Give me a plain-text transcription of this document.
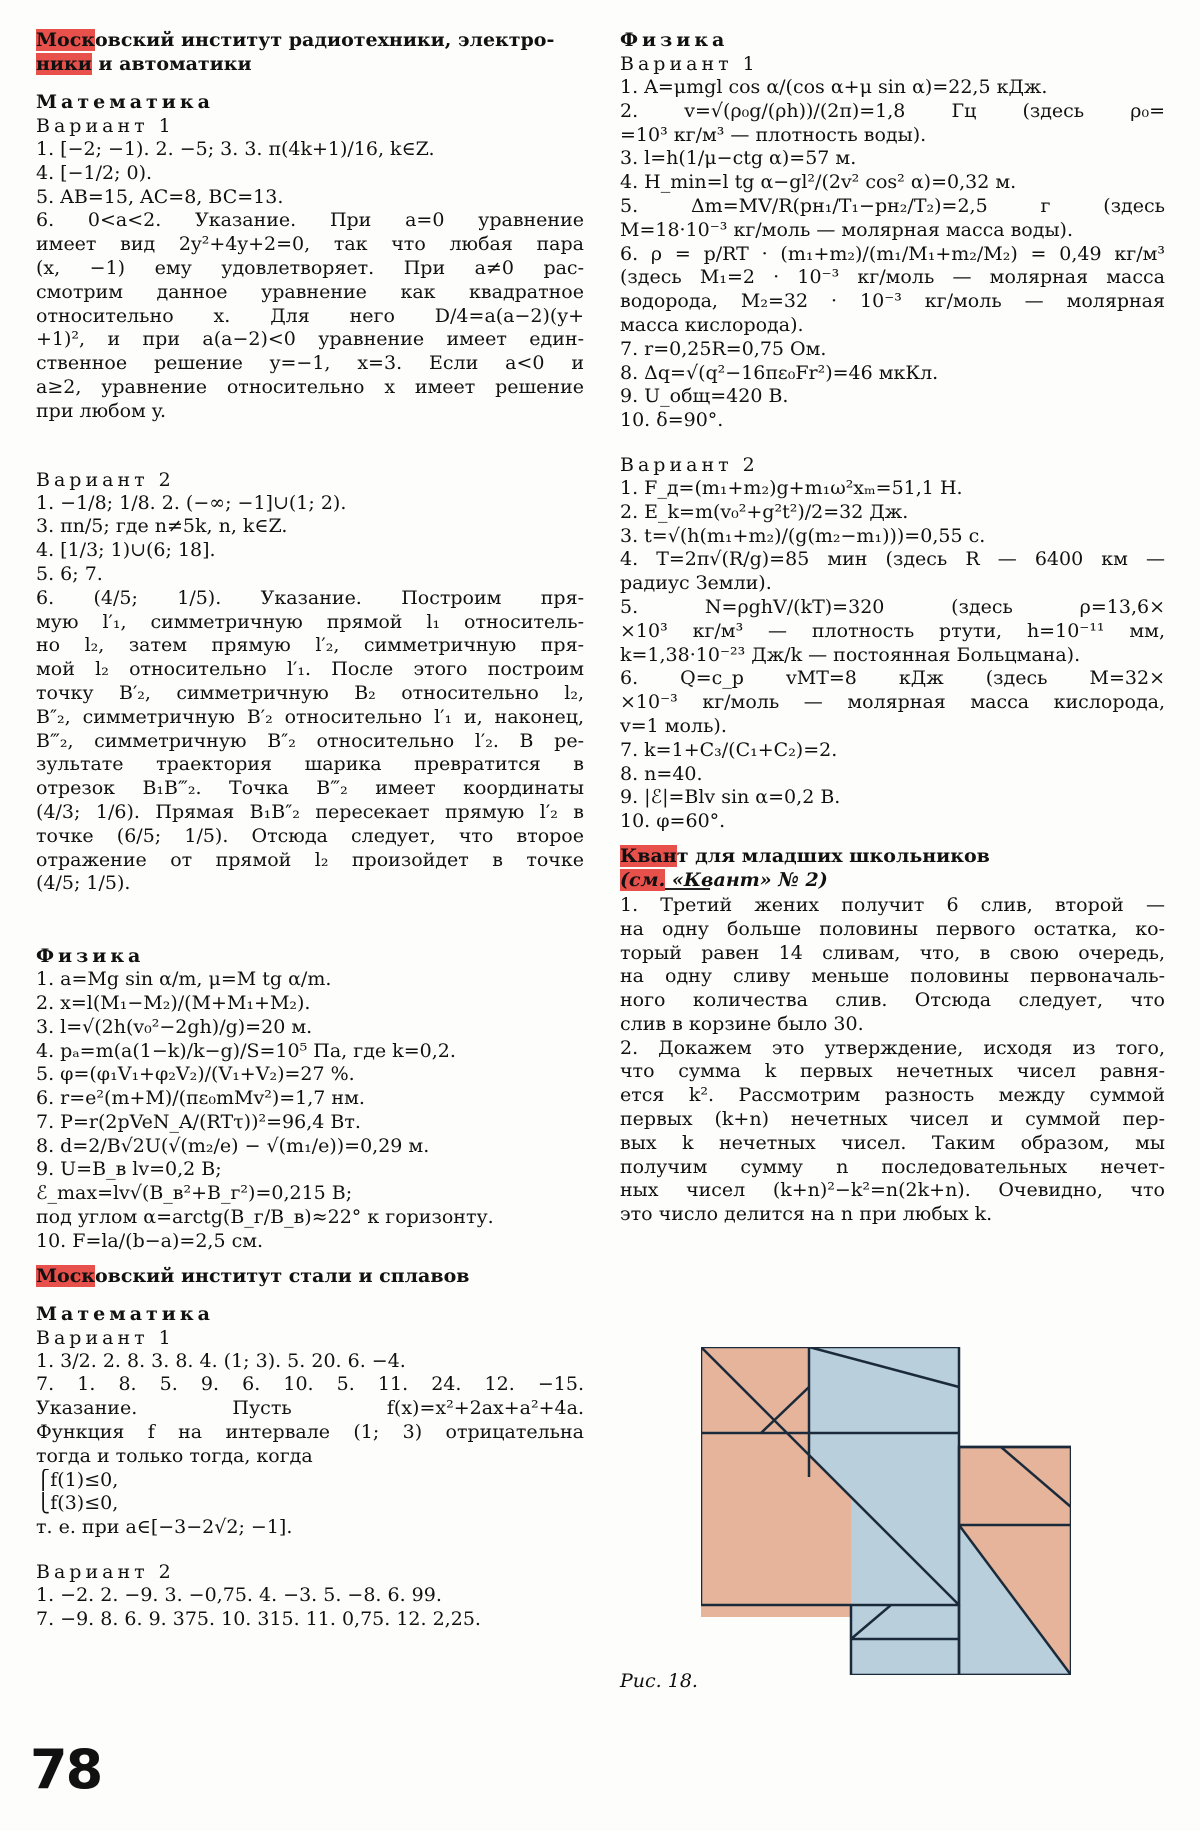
Московский институт радиотехники, электро-
ники и автоматики
Математика
Вариант 1
1. [−2; −1). 2. −5; 3. 3. π(4k+1)/16, k∈Z.
4. [−1/2; 0).
5. AB=15, AC=8, BC=13.
6. 0<a<2. Указание. При a=0 уравнение
имеет вид 2y²+4y+2=0, так что любая пара
(x, −1) ему удовлетворяет. При a≠0 рас-
смотрим данное уравнение как квадратное
относительно x. Для него D/4=a(a−2)(y+
+1)², и при a(a−2)<0 уравнение имеет един-
ственное решение y=−1, x=3. Если a<0 и
a≥2, уравнение относительно x имеет решение
при любом y.
Вариант 2
1. −1/8; 1/8. 2. (−∞; −1]∪(1; 2).
3. πn/5; где n≠5k, n, k∈Z.
4. [1/3; 1)∪(6; 18].
5. 6; 7.
6. (4/5; 1/5). Указание. Построим пря-
мую l′₁, симметричную прямой l₁ относитель-
но l₂, затем прямую l′₂, симметричную пря-
мой l₂ относительно l′₁. После этого построим
точку B′₂, симметричную B₂ относительно l₂,
B″₂, симметричную B′₂ относительно l′₁ и, наконец,
B‴₂, симметричную B″₂ относительно l′₂. В ре-
зультате траектория шарика превратится в
отрезок B₁B‴₂. Точка B‴₂ имеет координаты
(4/3; 1/6). Прямая B₁B″₂ пересекает прямую l′₂ в
точке (6/5; 1/5). Отсюда следует, что второе
отражение от прямой l₂ произойдет в точке
(4/5; 1/5).
Физика
1. a=Mg sin α/m, μ=M tg α/m.
2. x=l(M₁−M₂)/(M+M₁+M₂).
3. l=√(2h(v₀²−2gh)/g)=20 м.
4. pₐ=m(a(1−k)/k−g)/S=10⁵ Па, где k=0,2.
5. φ=(φ₁V₁+φ₂V₂)/(V₁+V₂)=27 %.
6. r=e²(m+M)/(πε₀mMv²)=1,7 нм.
7. P=r(2pVeN_A/(RTτ))²=96,4 Вт.
8. d=2/B√2U(√(m₂/e) − √(m₁/e))=0,29 м.
9. U=B_в lv=0,2 В;
ℰ_max=lv√(B_в²+B_г²)=0,215 В;
под углом α=arctg(B_г/B_в)≈22° к горизонту.
10. F=la/(b−a)=2,5 см.
Московский институт стали и сплавов
Математика
Вариант 1
1. 3/2. 2. 8. 3. 8. 4. (1; 3). 5. 20. 6. −4.
7. 1. 8. 5. 9. 6. 10. 5. 11. 24. 12. −15.
Указание. Пусть f(x)=x²+2ax+a²+4a.
Функция f на интервале (1; 3) отрицательна
тогда и только тогда, когда
⎧f(1)≤0,
⎩f(3)≤0,
т. е. при a∈[−3−2√2; −1].
Вариант 2
1. −2. 2. −9. 3. −0,75. 4. −3. 5. −8. 6. 99.
7. −9. 8. 6. 9. 375. 10. 315. 11. 0,75. 12. 2,25.
Физика
Вариант 1
1. A=μmgl cos α/(cos α+μ sin α)=22,5 кДж.
2. v=√(ρ₀g/(ρh))/(2π)=1,8 Гц (здесь ρ₀=
=10³ кг/м³ — плотность воды).
3. l=h(1/μ−ctg α)=57 м.
4. H_min=l tg α−gl²/(2v² cos² α)=0,32 м.
5. Δm=MV/R(pн₁/T₁−pн₂/T₂)=2,5 г (здесь
M=18·10⁻³ кг/моль — молярная масса воды).
6. ρ = p/RT · (m₁+m₂)/(m₁/M₁+m₂/M₂) = 0,49 кг/м³
(здесь M₁=2 · 10⁻³ кг/моль — молярная масса
водорода, M₂=32 · 10⁻³ кг/моль — молярная
масса кислорода).
7. r=0,25R=0,75 Ом.
8. Δq=√(q²−16πε₀Fr²)=46 мкКл.
9. U_общ=420 В.
10. δ=90°.
Вариант 2
1. F_д=(m₁+m₂)g+m₁ω²xₘ=51,1 Н.
2. E_k=m(v₀²+g²t²)/2=32 Дж.
3. t=√(h(m₁+m₂)/(g(m₂−m₁)))=0,55 с.
4. T=2π√(R/g)=85 мин (здесь R — 6400 км —
радиус Земли).
5. N=ρghV/(kT)=320 (здесь ρ=13,6×
×10³ кг/м³ — плотность ртути, h=10⁻¹¹ мм,
k=1,38·10⁻²³ Дж/k — постоянная Больцмана).
6. Q=c_p vMT=8 кДж (здесь M=32×
×10⁻³ кг/моль — молярная масса кислорода,
v=1 моль).
7. k=1+C₃/(C₁+C₂)=2.
8. n=40.
9. |ℰ|=Blv sin α=0,2 В.
10. φ=60°.
Квант для младших школьников
(см. «Квант» № 2)
1. Третий жених получит 6 слив, второй —
на одну больше половины первого остатка, ко-
торый равен 14 сливам, что, в свою очередь,
на одну сливу меньше половины первоначаль-
ного количества слив. Отсюда следует, что
слив в корзине было 30.
2. Докажем это утверждение, исходя из того,
что сумма k первых нечетных чисел равня-
ется k². Рассмотрим разность между суммой
первых (k+n) нечетных чисел и суммой пер-
вых k нечетных чисел. Таким образом, мы
получим сумму n последовательных нечет-
ных чисел (k+n)²−k²=n(2k+n). Очевидно, что
это число делится на n при любых k.
Рис. 18.
78
